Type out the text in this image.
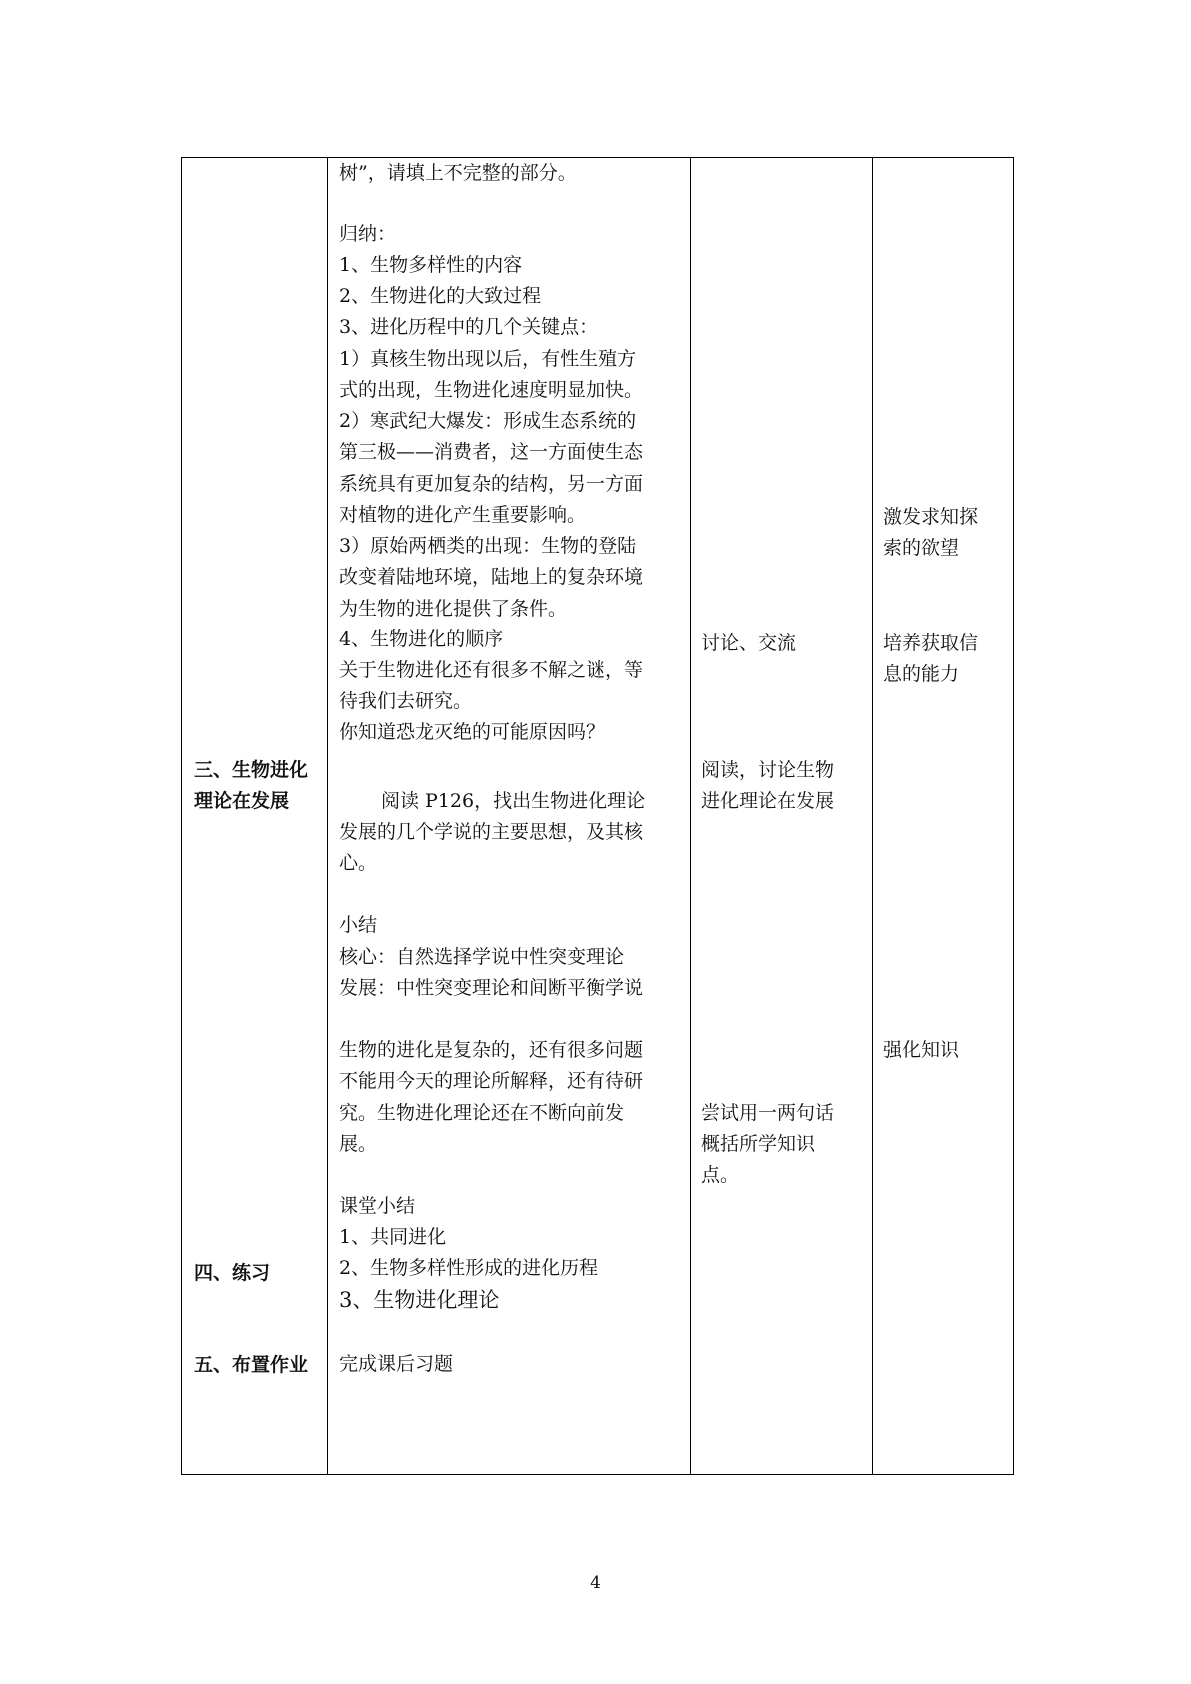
三、生物进化
理论在发展
四、练习
五、布置作业
树”，请填上不完整的部分。
归纳：
1、生物多样性的内容
2、生物进化的大致过程
3、进化历程中的几个关键点：
1）真核生物出现以后，有性生殖方
式的出现，生物进化速度明显加快。
2）寒武纪大爆发：形成生态系统的
第三极——消费者，这一方面使生态
系统具有更加复杂的结构，另一方面
对植物的进化产生重要影响。
3）原始两栖类的出现：生物的登陆
改变着陆地环境，陆地上的复杂环境
为生物的进化提供了条件。
4、生物进化的顺序
关于生物进化还有很多不解之谜，等
待我们去研究。
你知道恐龙灭绝的可能原因吗？
阅读 P126，找出生物进化理论
发展的几个学说的主要思想，及其核
心。
小结
核心：自然选择学说中性突变理论
发展：中性突变理论和间断平衡学说
生物的进化是复杂的，还有很多问题
不能用今天的理论所解释，还有待研
究。生物进化理论还在不断向前发
展。
课堂小结
1、共同进化
2、生物多样性形成的进化历程
3、生物进化理论
完成课后习题
讨论、交流
阅读，讨论生物
进化理论在发展
尝试用一两句话
概括所学知识
点。
激发求知探
索的欲望
培养获取信
息的能力
强化知识
4
